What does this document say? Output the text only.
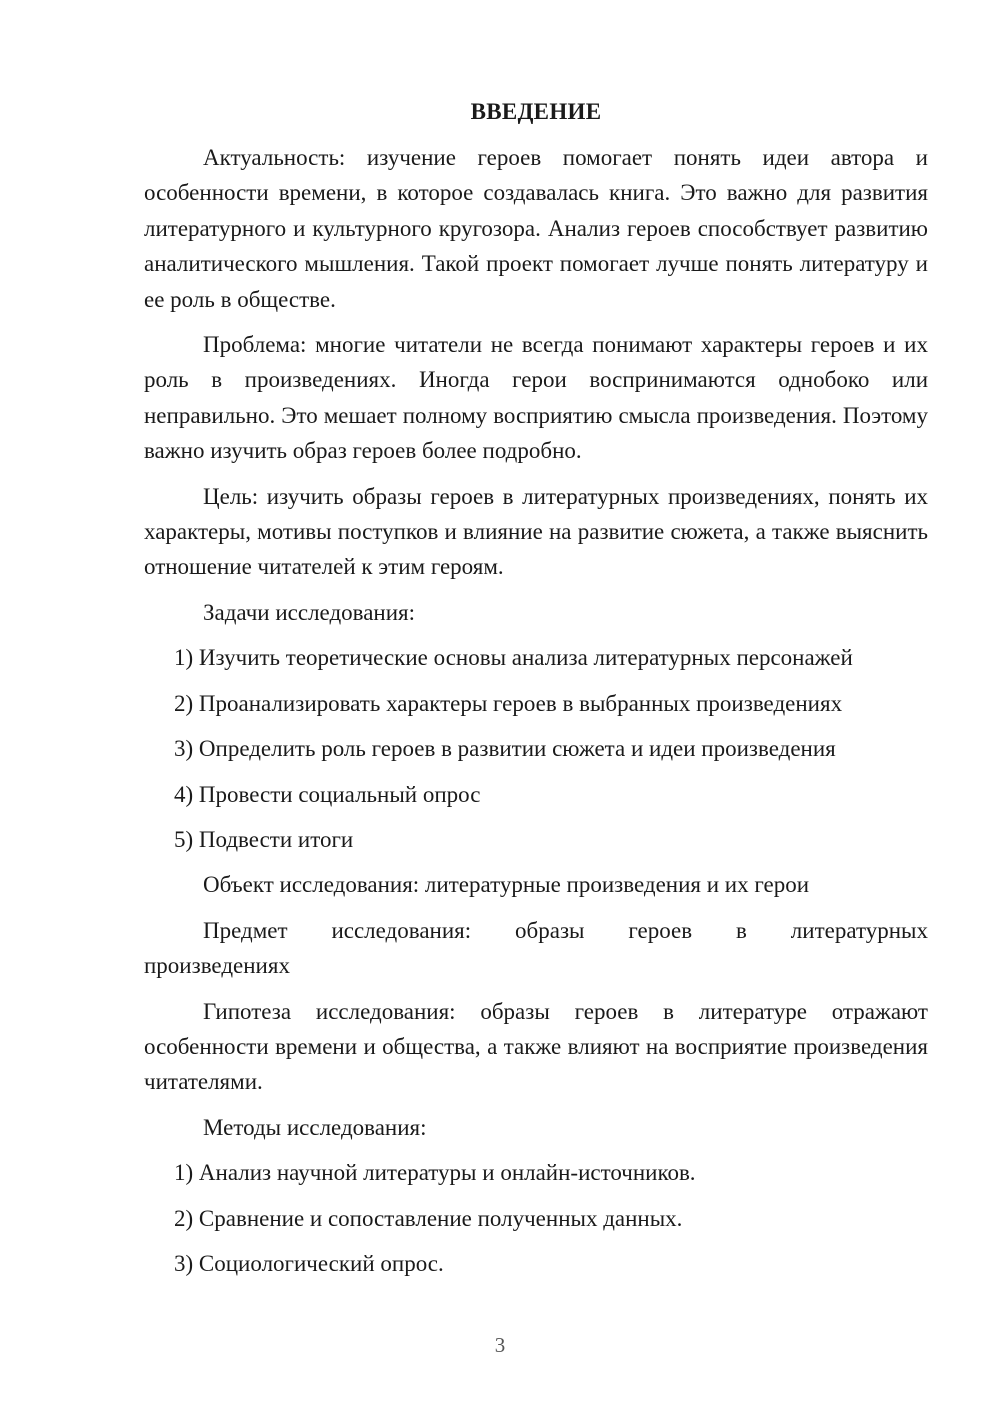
ВВЕДЕНИЕ

Актуальность: изучение героев помогает понять идеи автора и особенности времени, в которое создавалась книга. Это важно для развития литературного и культурного кругозора. Анализ героев способствует развитию аналитического мышления. Такой проект помогает лучше понять литературу и ее роль в обществе.

Проблема: многие читатели не всегда понимают характеры героев и их роль в произведениях. Иногда герои воспринимаются однобоко или неправильно. Это мешает полному восприятию смысла произведения. Поэтому важно изучить образ героев более подробно.

Цель: изучить образы героев в литературных произведениях, понять их характеры, мотивы поступков и влияние на развитие сюжета, а также выяснить отношение читателей к этим героям.

Задачи исследования:

1) Изучить теоретические основы анализа литературных персонажей
2) Проанализировать характеры героев в выбранных произведениях
3) Определить роль героев в развитии сюжета и идеи произведения
4) Провести социальный опрос
5) Подвести итоги

Объект исследования: литературные произведения и их герои

Предмет исследования: образы героев в литературных

произведениях

Гипотеза исследования: образы героев в литературе отражают особенности времени и общества, а также влияют на восприятие произведения читателями.

Методы исследования:

1) Анализ научной литературы и онлайн-источников.
2) Сравнение и сопоставление полученных данных.
3) Социологический опрос.
3
